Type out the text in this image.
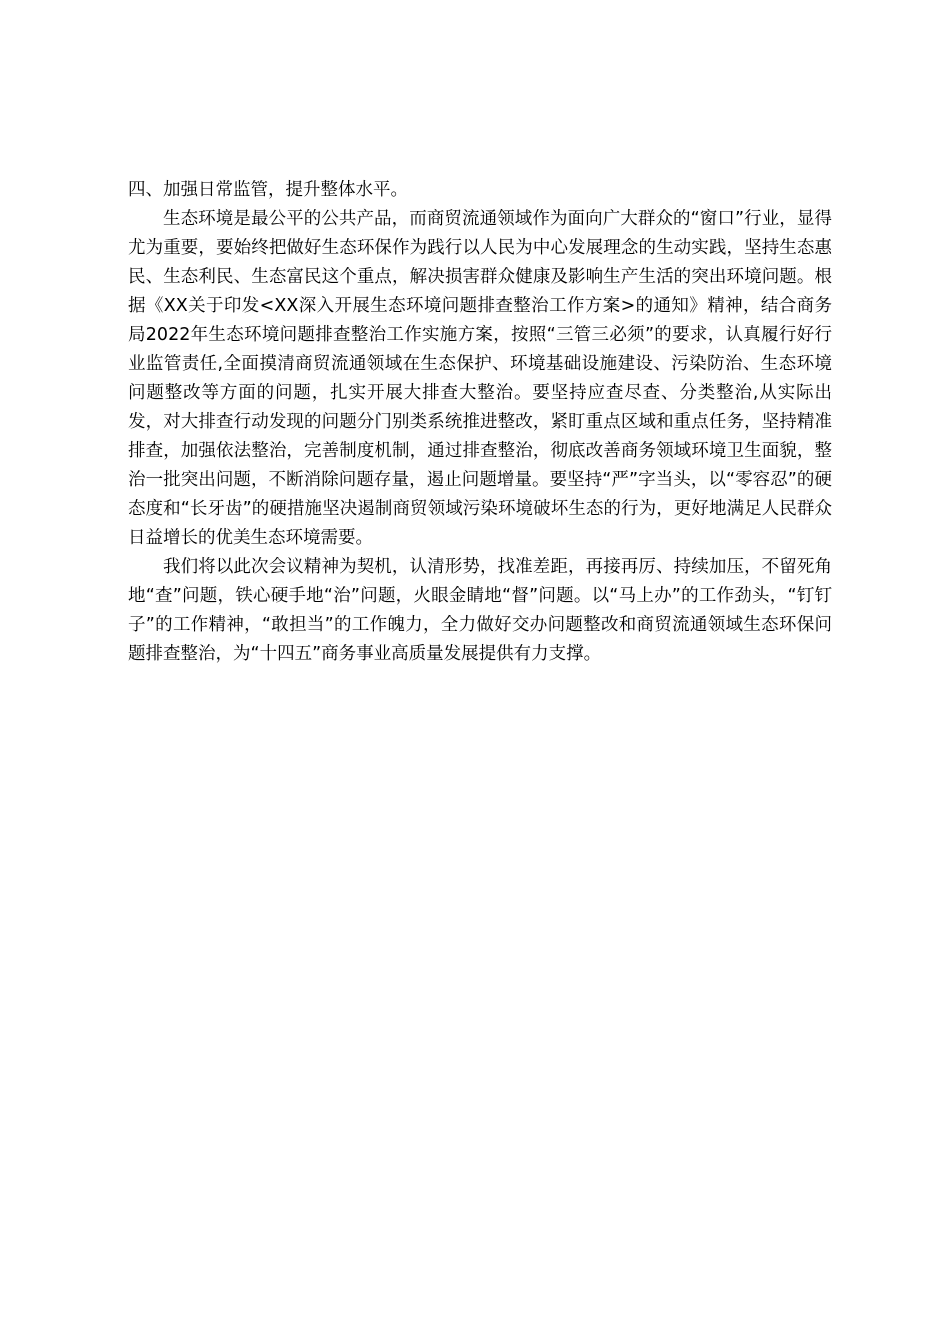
四、加强日常监管，提升整体水平。

生态环境是最公平的公共产品，而商贸流通领域作为面向广大群众的“窗口”行业，显得尤为重要，要始终把做好生态环保作为践行以人民为中心发展理念的生动实践，坚持生态惠民、生态利民、生态富民这个重点，解决损害群众健康及影响生产生活的突出环境问题。根据《XX关于印发<XX深入开展生态环境问题排查整治工作方案>的通知》精神，结合商务局2022年生态环境问题排查整治工作实施方案，按照“三管三必须”的要求，认真履行好行业监管责任,全面摸清商贸流通领域在生态保护、环境基础设施建设、污染防治、生态环境问题整改等方面的问题，扎实开展大排查大整治。要坚持应查尽查、分类整治,从实际出发，对大排查行动发现的问题分门别类系统推进整改，紧盯重点区域和重点任务，坚持精准排查，加强依法整治，完善制度机制，通过排查整治，彻底改善商务领域环境卫生面貌，整治一批突出问题，不断消除问题存量，遏止问题增量。要坚持“严”字当头，以“零容忍”的硬态度和“长牙齿”的硬措施坚决遏制商贸领域污染环境破坏生态的行为，更好地满足人民群众日益增长的优美生态环境需要。

我们将以此次会议精神为契机，认清形势，找准差距，再接再厉、持续加压，不留死角地“查”问题，铁心硬手地“治”问题，火眼金睛地“督”问题。以“马上办”的工作劲头，“钉钉子”的工作精神，“敢担当”的工作魄力，全力做好交办问题整改和商贸流通领域生态环保问题排查整治，为“十四五”商务事业高质量发展提供有力支撑。
